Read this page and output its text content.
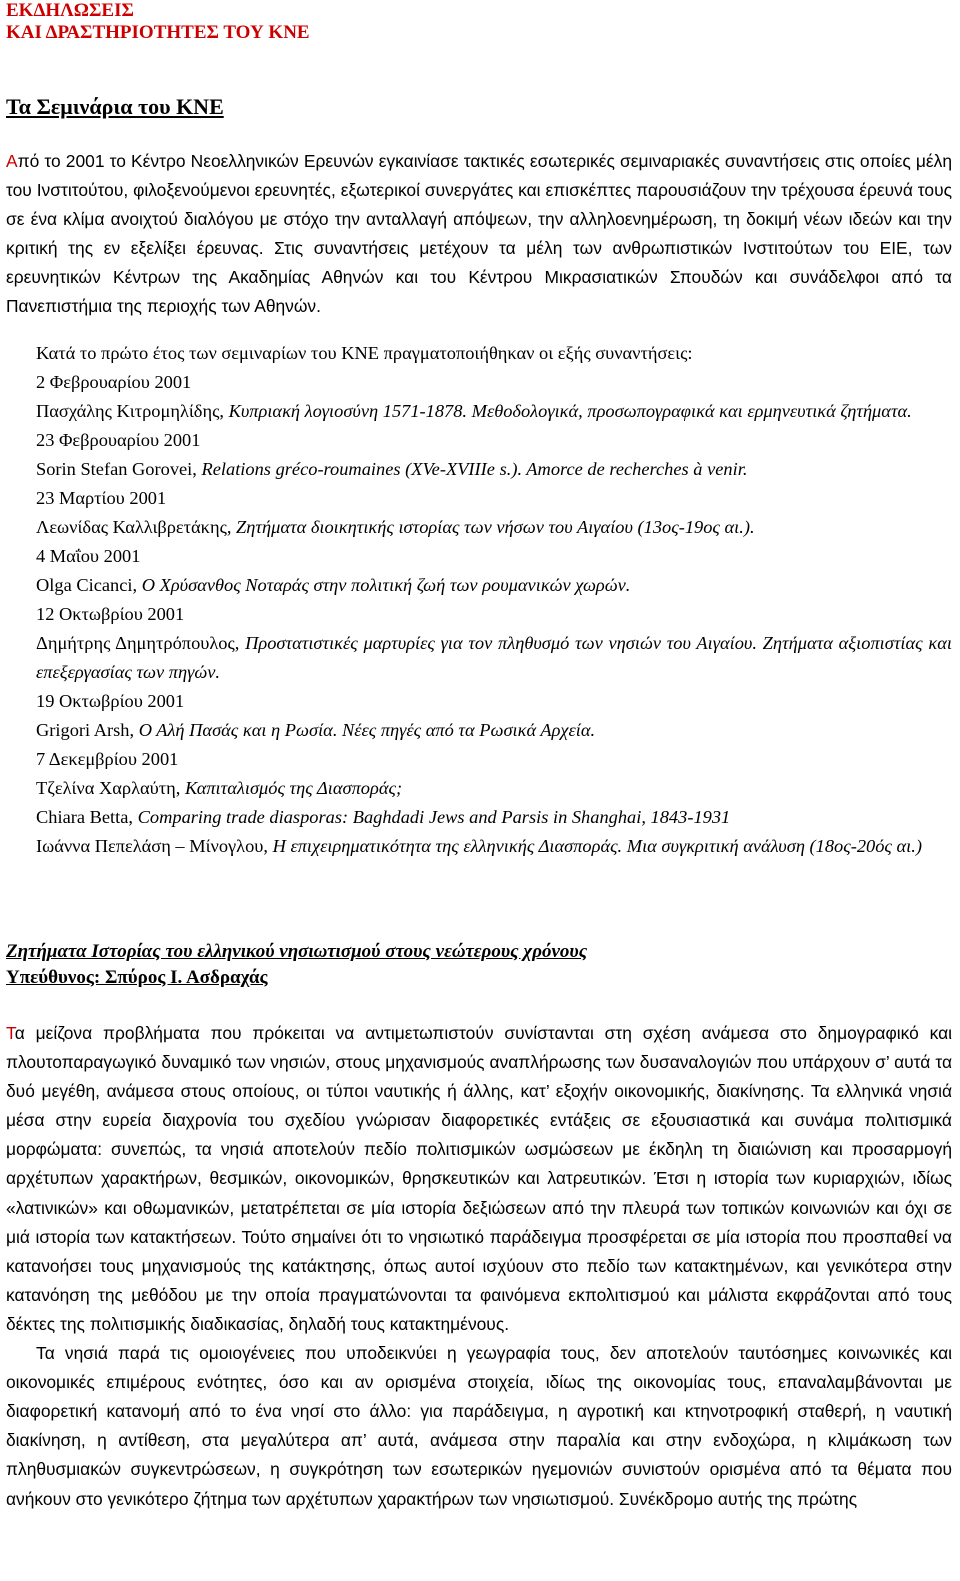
ΕΚΔΗΛΩΣΕΙΣ
ΚΑΙ ΔΡΑΣΤΗΡΙΟΤΗΤΕΣ ΤΟΥ ΚΝΕ
Τα Σεμινάρια του ΚΝΕ
Από το 2001 το Κέντρο Νεοελληνικών Ερευνών εγκαινίασε τακτικές εσωτερικές σεμιναριακές συναντήσεις στις οποίες μέλη του Ινστιτούτου, φιλοξενούμενοι ερευνητές, εξωτερικοί συνεργάτες και επισκέπτες παρουσιάζουν την τρέχουσα έρευνά τους σε ένα κλίμα ανοιχτού διαλόγου με στόχο την ανταλλαγή απόψεων, την αλληλοενημέρωση, τη δοκιμή νέων ιδεών και την κριτική της εν εξελίξει έρευνας. Στις συναντήσεις μετέχουν τα μέλη των ανθρωπιστικών Ινστιτούτων του ΕΙΕ, των ερευνητικών Κέντρων της Ακαδημίας Αθηνών και του Κέντρου Μικρασιατικών Σπουδών και συνάδελφοι από τα Πανεπιστήμια της περιοχής των Αθηνών.
Κατά το πρώτο έτος των σεμιναρίων του ΚΝΕ πραγματοποιήθηκαν οι εξής συναντήσεις:
2 Φεβρουαρίου 2001
Πασχάλης Κιτρομηλίδης, Κυπριακή λογιοσύνη 1571-1878. Μεθοδολογικά, προσωπογραφικά και ερμηνευτικά ζητήματα.
23 Φεβρουαρίου 2001
Sorin Stefan Gorovei, Relations gréco-roumaines (XVe-XVIIIe s.). Amorce de recherches à venir.
23 Μαρτίου 2001
Λεωνίδας Καλλιβρετάκης, Ζητήματα διοικητικής ιστορίας των νήσων του Αιγαίου (13ος-19ος αι.).
4 Μαΐου 2001
Olga Cicanci, Ο Χρύσανθος Νοταράς στην πολιτική ζωή των ρουμανικών χωρών.
12 Οκτωβρίου 2001
Δημήτρης Δημητρόπουλος, Προστατιστικές μαρτυρίες για τον πληθυσμό των νησιών του Αιγαίου. Ζητήματα αξιοπιστίας και επεξεργασίας των πηγών.
19 Οκτωβρίου 2001
Grigori Arsh, Ο Αλή Πασάς και η Ρωσία. Νέες πηγές από τα Ρωσικά Αρχεία.
7 Δεκεμβρίου 2001
Τζελίνα Χαρλαύτη, Καπιταλισμός της Διασποράς;
Chiara Betta, Comparing trade diasporas: Baghdadi Jews and Parsis in Shanghai, 1843-1931
Ιωάννα Πεπελάση – Μίνογλου, Η επιχειρηματικότητα της ελληνικής Διασποράς. Μια συγκριτική ανάλυση (18ος-20ός αι.)
Ζητήματα Ιστορίας του ελληνικού νησιωτισμού στους νεώτερους χρόνους
Υπεύθυνος: Σπύρος Ι. Ασδραχάς

Τα μείζονα προβλήματα που πρόκειται να αντιμετωπιστούν συνίστανται στη σχέση ανάμεσα στο δημογραφικό και πλουτοπαραγωγικό δυναμικό των νησιών, στους μηχανισμούς αναπλήρωσης των δυσαναλογιών που υπάρχουν σ’ αυτά τα δυό μεγέθη, ανάμεσα στους οποίους, οι τύποι ναυτικής ή άλλης, κατ’ εξοχήν οικονομικής, διακίνησης. Τα ελληνικά νησιά μέσα στην ευρεία διαχρονία του σχεδίου γνώρισαν διαφορετικές εντάξεις σε εξουσιαστικά και συνάμα πολιτισμικά μορφώματα: συνεπώς, τα νησιά αποτελούν πεδίο πολιτισμικών ωσμώσεων με έκδηλη τη διαιώνιση και προσαρμογή αρχέτυπων χαρακτήρων, θεσμικών, οικονομικών, θρησκευτικών και λατρευτικών. Έτσι η ιστορία των κυριαρχιών, ιδίως «λατινικών» και οθωμανικών, μετατρέπεται σε μία ιστορία δεξιώσεων από την πλευρά των τοπικών κοινωνιών και όχι σε μιά ιστορία των κατακτήσεων. Τούτο σημαίνει ότι το νησιωτικό παράδειγμα προσφέρεται σε μία ιστορία που προσπαθεί να κατανοήσει τους μηχανισμούς της κατάκτησης, όπως αυτοί ισχύουν στο πεδίο των κατακτημένων, και γενικότερα στην κατανόηση της μεθόδου με την οποία πραγματώνονται τα φαινόμενα εκπολιτισμού και μάλιστα εκφράζονται από τους δέκτες της πολιτισμικής διαδικασίας, δηλαδή τους κατακτημένους.

Τα νησιά παρά τις ομοιογένειες που υποδεικνύει η γεωγραφία τους, δεν αποτελούν ταυτόσημες κοινωνικές και οικονομικές επιμέρους ενότητες, όσο και αν ορισμένα στοιχεία, ιδίως της οικονομίας τους, επαναλαμβάνονται με διαφορετική κατανομή από το ένα νησί στο άλλο: για παράδειγμα, η αγροτική και κτηνοτροφική σταθερή, η ναυτική διακίνηση, η αντίθεση, στα μεγαλύτερα απ’ αυτά, ανάμεσα στην παραλία και στην ενδοχώρα, η κλιμάκωση των πληθυσμιακών συγκεντρώσεων, η συγκρότηση των εσωτερικών ηγεμονιών συνιστούν ορισμένα από τα θέματα που ανήκουν στο γενικότερο ζήτημα των αρχέτυπων χαρακτήρων των νησιωτισμού. Συνέκδρομο αυτής της πρώτης
